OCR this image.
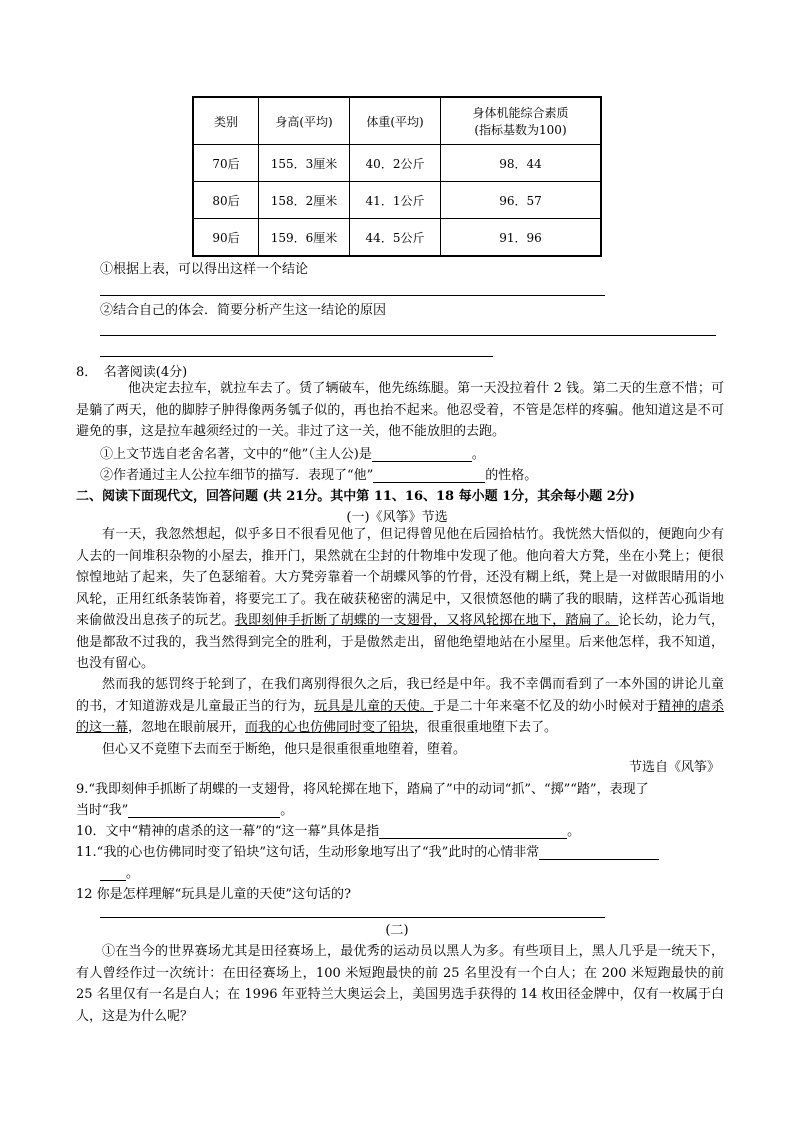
类别	身高(平均)	体重(平均)	身体机能综合素质
(指标基数为100)

70后	155．3厘米	40．2公斤	98．44
80后	158．2厘米	41．1公斤	96．57
90后	159．6厘米	44．5公斤	91．96
①根据上表，可以得出这样一个结论
②结合自己的体会．简要分析产生这一结论的原因
8．　名著阅读(4分)
他决定去拉车，就拉车去了。赁了辆破车，他先练练腿。第一天没拉着什 2 钱。第二天的生意不惜；可是躺了两天，他的脚脖子肿得像两务瓠子似的，再也抬不起来。他忍受着，不管是怎样的疼骗。他知道这是不可避免的事，这是拉车越须经过的一关。非过了这一关，他不能放胆的去跑。
①上文节选自老舍名著，文中的“他”（主人公)是	。
②作者通过主人公拉车细节的描写．表现了“他”	的性格。
二、阅读下面现代文，回答问题 (共 21分。其中第 11、16、18 每小题 1分，其余每小题 2分)
(一)《风筝》节选
有一天，我忽然想起，似乎多日不很看见他了，但记得曾见他在后园拾枯竹。我恍然大悟似的，便跑向少有人去的一间堆积杂物的小屋去，推开门，果然就在尘封的什物堆中发现了他。他向着大方凳，坐在小凳上；便很惊惶地站了起来，失了色瑟缩着。大方凳旁靠着一个胡蝶风筝的竹骨，还没有糊上纸，凳上是一对做眼睛用的小风轮，正用红纸条装饰着，将要完工了。我在破获秘密的满足中，又很愤怒他的瞒了我的眼睛，这样苦心孤诣地来偷做没出息孩子的玩艺。我即刻伸手折断了胡蝶的一支翅骨，又将风轮掷在地下，踏扁了。论长幼，论力气，他是都敌不过我的，我当然得到完全的胜利，于是傲然走出，留他绝望地站在小屋里。后来他怎样，我不知道，也没有留心。
然而我的惩罚终于轮到了，在我们离别得很久之后，我已经是中年。我不幸偶而看到了一本外国的讲论儿童的书，才知道游戏是儿童最正当的行为，玩具是儿童的天使。于是二十年来毫不忆及的幼小时候对于精神的虐杀的这一幕，忽地在眼前展开，而我的心也仿佛同时变了铅块，很重很重地堕下去了。
但心又不竟堕下去而至于断绝，他只是很重很重地堕着，堕着。
节选自《风筝》
9.“我即刻伸手抓断了胡蝶的一支翅骨，将风轮掷在地下，踏扁了”中的动词“抓”、“掷”“踏”，表现了
当时“我”	。
10．文中“精神的虐杀的这一幕”的“这一幕”具体是指	。
11.“我的心也仿佛同时变了铅块”这句话，生动形象地写出了“我”此时的心情非常
。
12 你是怎样理解“玩具是儿童的天使”这句话的?
(二)
①在当今的世界赛场尤其是田径赛场上，最优秀的运动员以黑人为多。有些项目上，黑人几乎是一统天下，有人曾经作过一次统计：在田径赛场上，100 米短跑最快的前 25 名里没有一个白人；在 200 米短跑最快的前 25 名里仅有一名是白人；在 1996 年亚特兰大奥运会上，美国男选手获得的 14 枚田径金牌中，仅有一枚属于白人，这是为什么呢？
